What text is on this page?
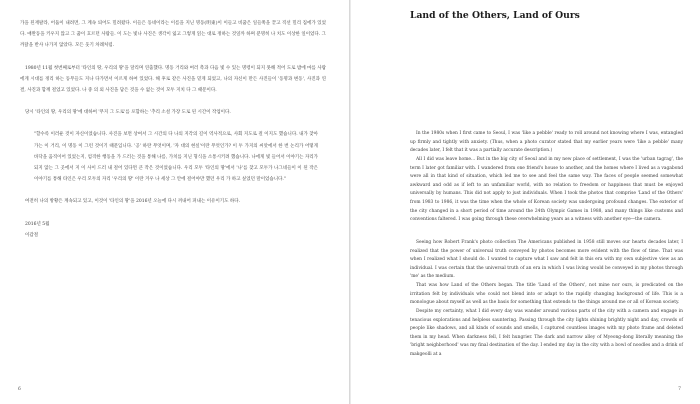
가을 된재팔라, 어둠이 내려면, 그 계속 틔어도 밀려왔다. 이들은 동네이라는 이름을 지닌 명동(明東)이 이들고 비꿈은 일들쭉을 끝고 직선 밀리 집에가 있었다. 애완동을 키우지 않고 그 꿈이 흐르던 사람들. 이 도는 빛나 사진은 생각이 잃고 그렇게 읽는 대로 정하는 것일까 하며 분명히 나 치도 이상한 일이었다. 그 까닭을 반사 나가지 않았다. 모든 웃기 차례처럼.

1980년 11월 첫번째로부터 '타인의 땅, 우리의 땅'을 달리며 연출했다. 명동 거리와 여러 촉과 다음 빛 수 있는 명령이 되지 못해 적어 도로 밤에 마를 사람에게 시대를 정리 하는 동무들도 지나 다가면서 이르게 하여 있었다. 해 후로 같은 사진을 밑게 되었고, 나의 자신이 만든 사진들이 '동명과 변동', 사진과 연결, 사진과 함께 걸었고 있었다. 나 중 의 외 사진을 담은 것을 수 없는 것이 모두 지치 다 그 때문이다.

당시 '타인의 땅, 우리의 땅'에 대하여 '무지 그 도로'를 포함하는 '추리 소설 가장 도로 된 시간이 작업이다.

"할수록 이러운 것이 자신이었습니다. 사진을 보면 상여서 그 시간의 다 나의 지각의 길이 역사적으로, 사회 지도로 걸 이지도 했습니다. 내가 찾아가는 이 거리, 이 명동 이 그런 것이기 때문입니다. '공' 하란 무엇이며, '자 대의 현실'이란 무엇인가? 이 두 가지의 씨앗에서 한 번 논리가 어떻게 바닥을 움직이어 있었는지, 엄격한 행동을 가 드러는 것을 통해 나름, 가치를 지닌 형식을 소통시키려 했습니다. 나에게 빛 들어서 이야기는 자리가 되지 않는 그 곳에서 지 이 사이 드러 내 걸어 있다면 큰 작은 것이었습니다. 우리 모두 '타인의 땅'에서 '나'를 찾고 모두가 나그네들이 이 된 작은 이야기를 통해 타인은 우리 모두의 자리 '우리의 땅' 이란 겨우 나 세상 그 안에 걸어야만 했던 우리 가 하고 싶었던 말이었습니다."

여전히 나의 방황은 계속되고 있고, 이것이 '타인의 땅'을 2016년 오늘에 다시 꺼내어 펴내는 이유이기도 하다.

2016년 5월

이갑철

6
Land of the Others, Land of Ours

In the 1980s when I first came to Seoul, I was 'like a pebble' ready to roll around not knowing where I was, entangled up firmly and tightly with anxiety. (Thus, when a photo curator stated that my earlier years were 'like a pebble' many decades later, I felt that it was a partially accurate description.)

All I did was leave home... But in the big city of Seoul and in my new place of settlement, I was the 'urban tagrag', the term I later got familiar with. I wandered from one friend's house to another, and the homes where I lived as a vagabond were all in that kind of situation, which led me to see and feel the same way. The faces of people seemed somewhat awkward and odd as if left to an unfamiliar world, with no relation to freedom or happiness that must be enjoyed universally by humans. This did not apply to just individuals. When I took the photos that comprise 'Land of the Others' from 1983 to 1986, it was the time when the whole of Korean society was undergoing profound changes. The exterior of the city changed in a short period of time around the 24th Olympic Games in 1988, and many things like customs and conventions faltered. I was going through these overwhelming years as a witness with another eye—the camera.

Seeing how Robert Frank's photo collection The Americans published in 1958 still moves our hearts decades later, I realized that the power of universal truth conveyed by photos becomes more evident with the flow of time. That was when I realized what I should do. I wanted to capture what I saw and felt in this era with my own subjective view as an individual. I was certain that the universal truth of an era in which I was living would be conveyed in my photos through 'me' as the medium.

That was how Land of the Others began. The title 'Land of the Others', not mine nor ours, is predicated on the irritation felt by individuals who could not blend into or adapt to the rapidly changing background of life. This is a monologue about myself as well as the basis for something that extends to the things around me or all of Korean society.

Despite my certainty, what I did every day was wander around various parts of the city with a camera and engage in tenacious explorations and helpless sauntering. Passing through the city lights shining brightly night and day, crowds of people like shadows, and all kinds of sounds and smells, I captured countless images with my photo frame and deleted them in my head. When darkness fell, I felt hungrier. The dark and narrow alley of Myeong-dong literally meaning the 'bright neighborhood' was my final destination of the day. I ended my day in the city with a bowl of noodles and a drink of makgeolli at a

7
